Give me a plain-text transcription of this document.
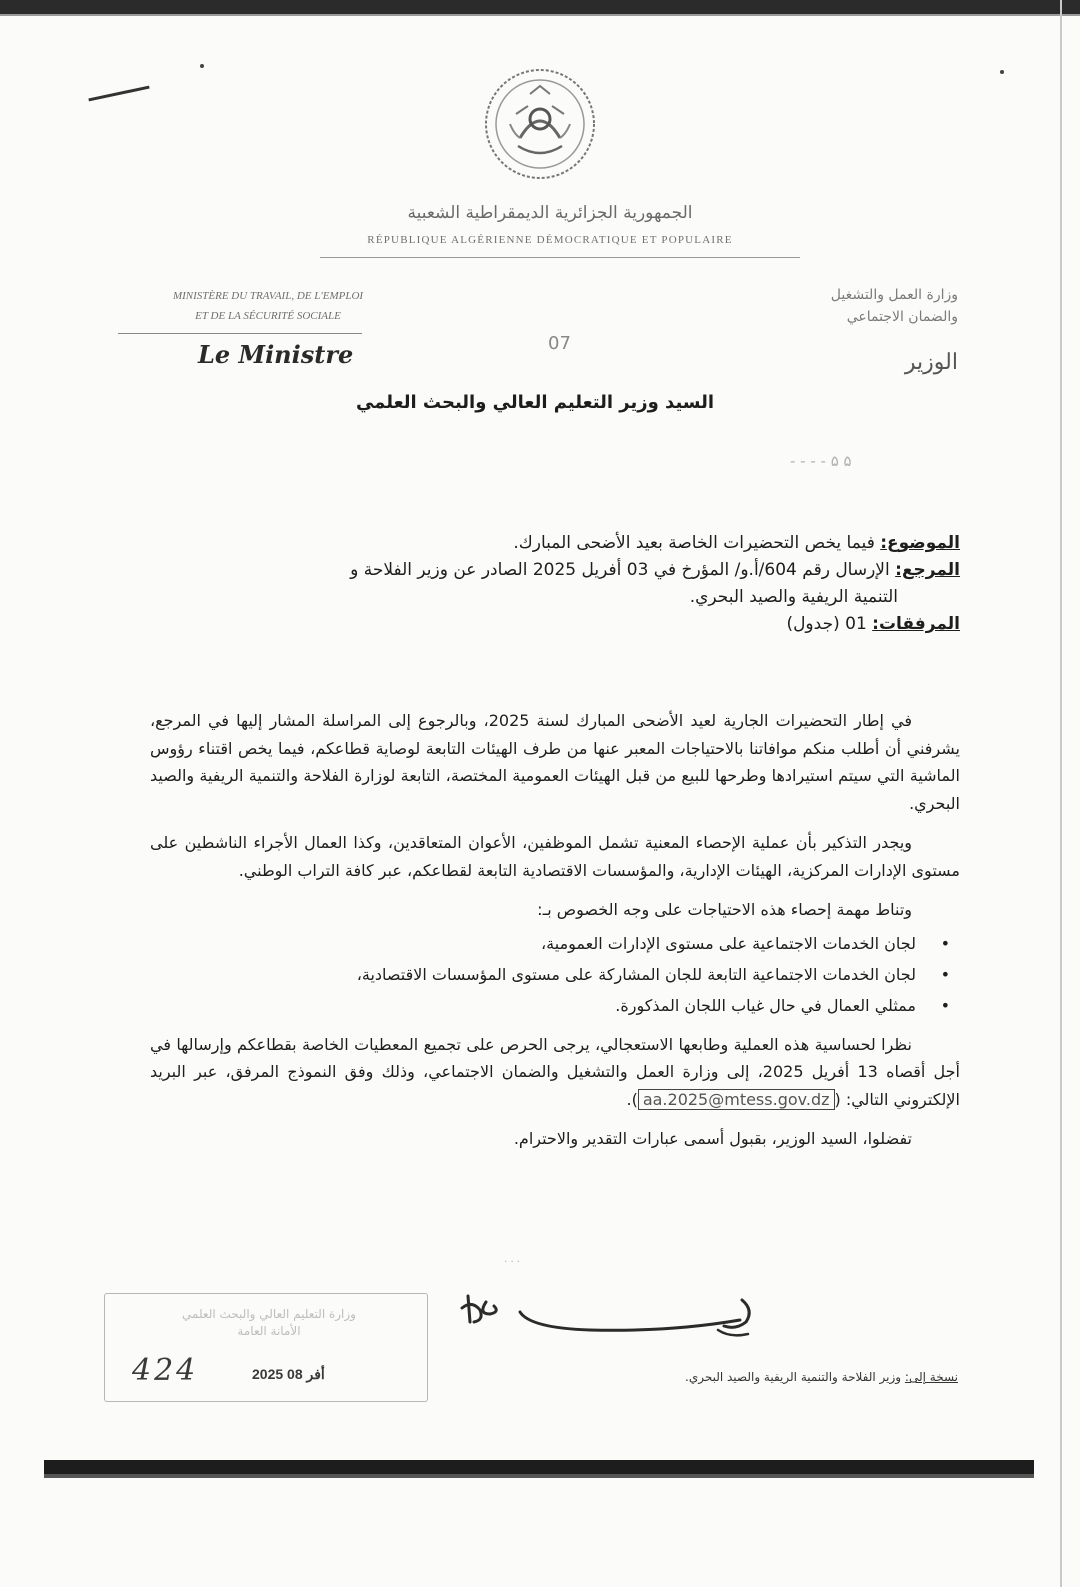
الجمهورية الجزائرية الديمقراطية الشعبية
RÉPUBLIQUE ALGÉRIENNE DÉMOCRATIQUE ET POPULAIRE
MINISTÈRE DU TRAVAIL, DE L'EMPLOI
ET DE LA SÉCURITÉ SOCIALE
Le Ministre
وزارة العمل والتشغيل
والضمان الاجتماعي
الوزير
07
السيد وزير التعليم العالي والبحث العلمي
- - - - ۵ ۵
الموضوع: فيما يخص التحضيرات الخاصة بعيد الأضحى المبارك.
المرجع: الإرسال رقم 604/أ.و/ المؤرخ في 03 أفريل 2025 الصادر عن وزير الفلاحة و
التنمية الريفية والصيد البحري.
المرفقات: 01 (جدول)

في إطار التحضيرات الجارية لعيد الأضحى المبارك لسنة 2025، وبالرجوع إلى المراسلة المشار إليها في المرجع، يشرفني أن أطلب منكم موافاتنا بالاحتياجات المعبر عنها من طرف الهيئات التابعة لوصاية قطاعكم، فيما يخص اقتناء رؤوس الماشية التي سيتم استيرادها وطرحها للبيع من قبل الهيئات العمومية المختصة، التابعة لوزارة الفلاحة والتنمية الريفية والصيد البحري.

ويجدر التذكير بأن عملية الإحصاء المعنية تشمل الموظفين، الأعوان المتعاقدين، وكذا العمال الأجراء الناشطين على مستوى الإدارات المركزية، الهيئات الإدارية، والمؤسسات الاقتصادية التابعة لقطاعكم، عبر كافة التراب الوطني.

وتناط مهمة إحصاء هذه الاحتياجات على وجه الخصوص بـ:

•
لجان الخدمات الاجتماعية على مستوى الإدارات العمومية،
•
لجان الخدمات الاجتماعية التابعة للجان المشاركة على مستوى المؤسسات الاقتصادية،
•
ممثلي العمال في حال غياب اللجان المذكورة.

نظرا لحساسية هذه العملية وطابعها الاستعجالي، يرجى الحرص على تجميع المعطيات الخاصة بقطاعكم وإرسالها في أجل أقصاه 13 أفريل 2025، إلى وزارة العمل والتشغيل والضمان الاجتماعي، وذلك وفق النموذج المرفق، عبر البريد الإلكتروني التالي: (aa.2025@mtess.gov.dz).

تفضلوا، السيد الوزير، بقبول أسمى عبارات التقدير والاحترام.

. . .
وزارة التعليم العالي والبحث العلمي
الأمانة العامة
424	2025 أفر 08	نسخة إلى: وزير الفلاحة والتنمية الريفية والصيد البحري.
